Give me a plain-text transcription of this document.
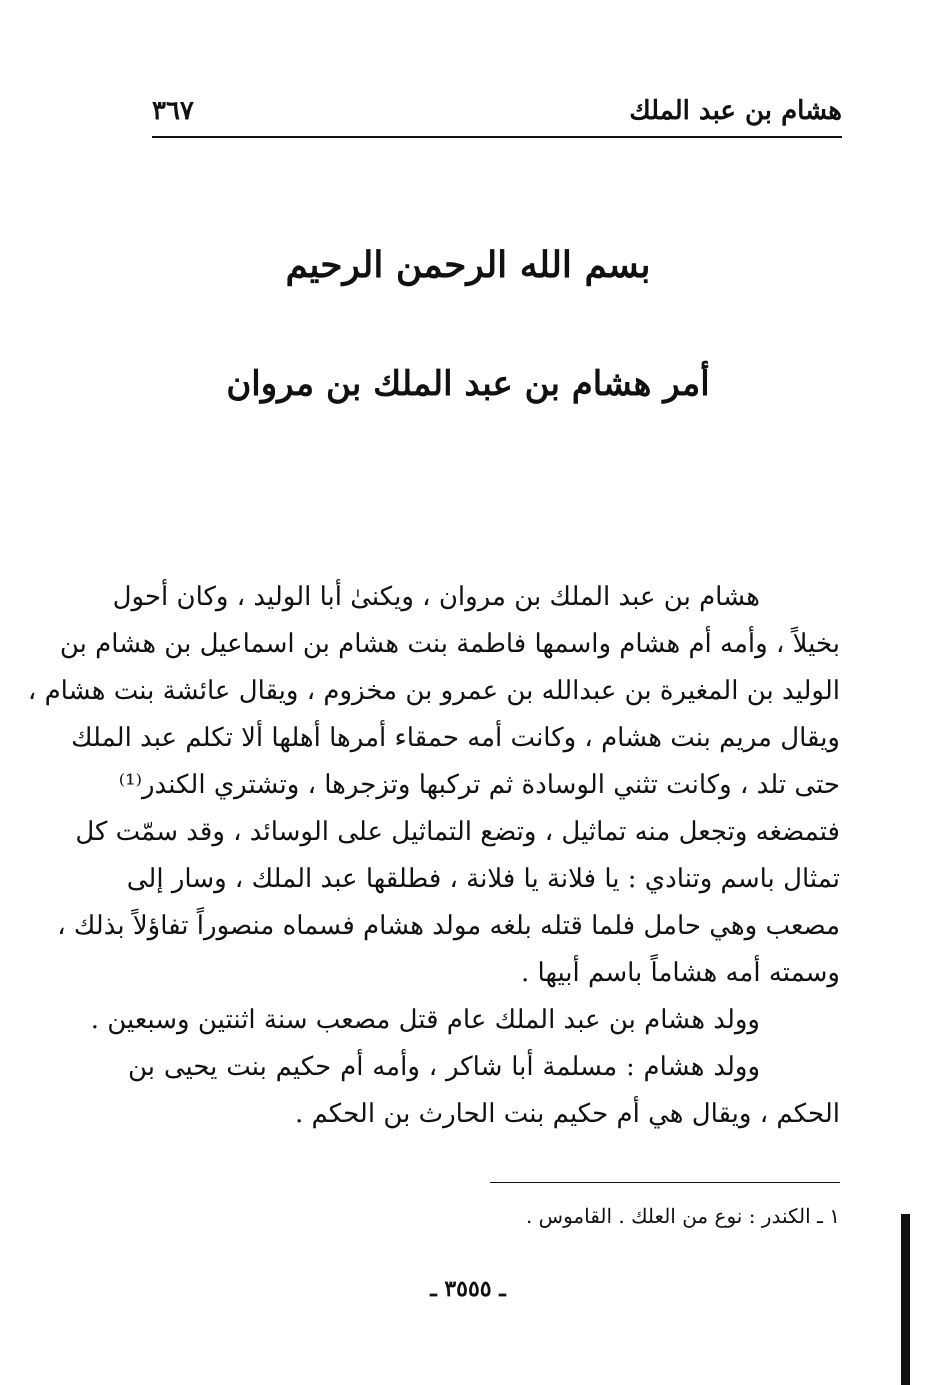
هشام بن عبد الملك
٣٦٧
بسم الله الرحمن الرحيم
أمر هشام بن عبد الملك بن مروان
هشام بن عبد الملك بن مروان ، ويكنىٰ أبا الوليد ، وكان أحول
بخيلاً ، وأمه أم هشام واسمها فاطمة بنت هشام بن اسماعيل بن هشام بن
الوليد بن المغيرة بن عبدالله بن عمرو بن مخزوم ، ويقال عائشة بنت هشام ،
ويقال مريم بنت هشام ، وكانت أمه حمقاء أمرها أهلها ألا تكلم عبد الملك
حتى تلد ، وكانت تثني الوسادة ثم تركبها وتزجرها ، وتشتري الكندر⁽¹⁾
فتمضغه وتجعل منه تماثيل ، وتضع التماثيل على الوسائد ، وقد سمّت كل
تمثال باسم وتنادي : يا فلانة يا فلانة ، فطلقها عبد الملك ، وسار إلى
مصعب وهي حامل فلما قتله بلغه مولد هشام فسماه منصوراً تفاؤلاً بذلك ،
وسمته أمه هشاماً باسم أبيها .
وولد هشام بن عبد الملك عام قتل مصعب سنة اثنتين وسبعين .
وولد هشام : مسلمة أبا شاكر ، وأمه أم حكيم بنت يحيى بن
الحكم ، ويقال هي أم حكيم بنت الحارث بن الحكم .
١ ـ الكندر : نوع من العلك . القاموس .
ـ ٣٥٥٥ ـ
